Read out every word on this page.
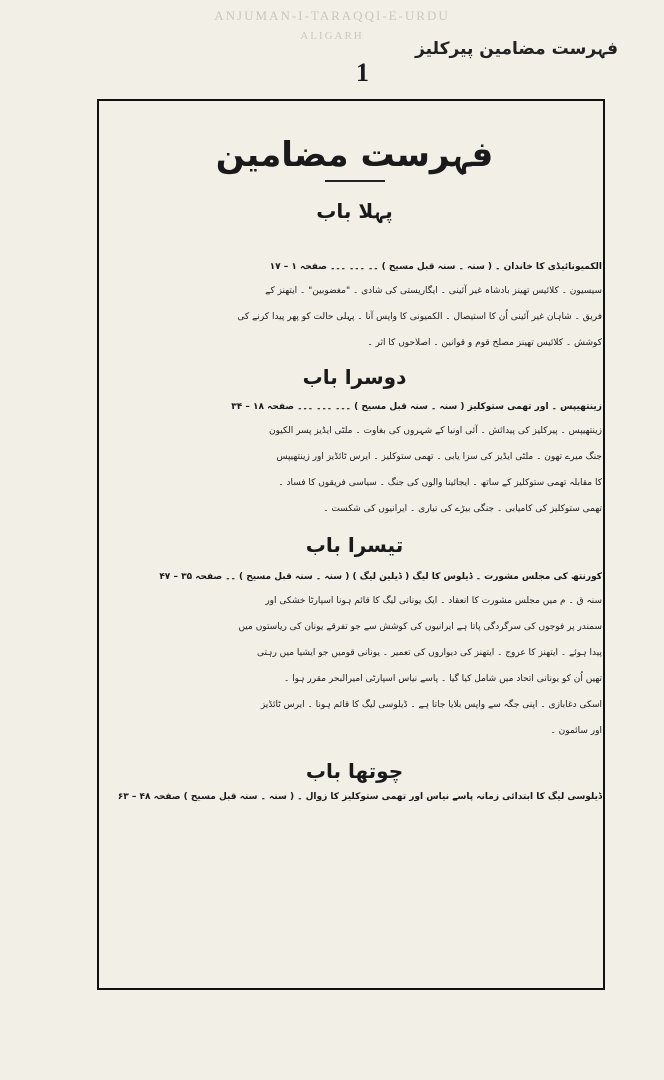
ANJUMAN-I-TARAQQI-E-URDU
ALIGARH
فہرست مضامین پیرکلیز
1
فہرست مضامین
پہلا باب
الکمیونائیڈی کا خاندان ۔ ( سنہ ۔ سنہ قبل مسیح ) ۔۔ ۔۔۔ ۔۔۔ صفحہ ۱ – ۱۷
سیسیون ۔ کلائیس تھینز بادشاہ غیر آئینی ۔ ایگاریستی کی شادی ۔ "مغضوبین" ۔ ایتھنز کے
فریق ۔ شاہان غیر آئینی اُن کا استیصال ۔ الکمیونی کا واپس آنا ۔ پہلی حالت کو پھر پیدا کرنے کی
کوشش ۔ کلائیس تھینز مصلح قوم و قوانین ۔ اصلاحوں کا اثر ۔
دوسرا باب
زینتھیپس ۔ اور تھمی ستوکلیز ( سنہ ۔ سنہ قبل مسیح ) ۔۔۔ ۔۔۔ ۔۔۔ صفحہ ۱۸ – ۳۴
زینتھیپس ۔ پیرکلیز کی پیدائش ۔ آئی اونیا کے شہروں کی بغاوت ۔ ملٹی ایڈیز پسر الکیون
جنگ میرے تھون ۔ ملٹی ایڈیز کی سزا یابی ۔ تھمی ستوکلیز ۔ ایرس ٹائڈیز اور زینتھیپس
کا مقابلہ تھمی ستوکلیز کے ساتھ ۔ ایجائینا والوں کی جنگ ۔ سیاسی فریقوں کا فساد ۔
تھمی ستوکلیز کی کامیابی ۔ جنگی بیڑے کی تیاری ۔ ایرانیوں کی شکست ۔
تیسرا باب
کورنتھ کی مجلس مشورت ۔ ڈیلوس کا لیگ ( ڈیلین لیگ ) ( سنہ ۔ سنہ قبل مسیح ) ۔۔ صفحہ ۳۵ – ۴۷
سنہ ق ۔ م میں مجلس مشورت کا انعقاد ۔ ایک یونانی لیگ کا قائم ہونا اسپارٹا خشکی اور
سمندر پر فوجوں کی سرگردگی پاتا ہے ایرانیوں کی کوشش سے جو تفرقے یونان کی ریاستوں میں
پیدا ہوئے ۔ ایتھنز کا عروج ۔ ایتھنز کی دیواروں کی تعمیر ۔ یونانی قومیں جو ایشیا میں رہتی
تھیں اُن کو یونانی اتحاد میں شامل کیا گیا ۔ پاسے نیاس اسپارٹی امیرالبحر مقرر ہوا ۔
اسکی دغابازی ۔ اپنی جگہ سے واپس بلایا جاتا ہے ۔ ڈیلوسی لیگ کا قائم ہونا ۔ ایرس ٹائڈیز
اور سائمون ۔
چوتھا باب
ڈیلوسی لیگ کا ابتدائی زمانہ پاسے نیاس اور تھمی ستوکلیز کا زوال ۔ ( سنہ ۔ سنہ قبل مسیح ) صفحہ ۴۸ – ۶۳
